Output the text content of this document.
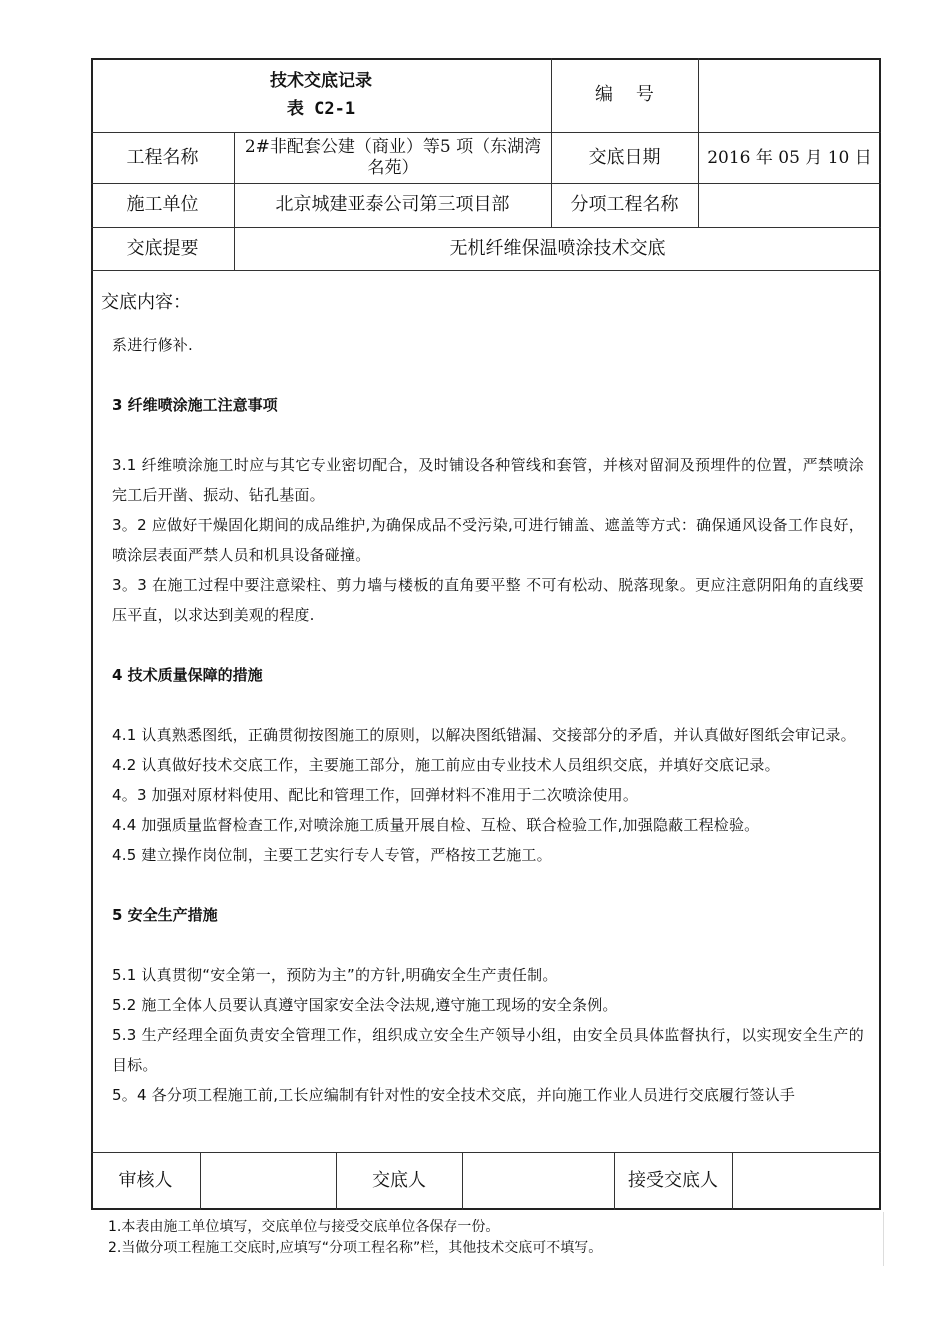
技术交底记录
表 C2-1
编    号
工程名称	2#非配套公建（商业）等5 项（东湖湾名苑）	交底日期	2016 年 05 月 10 日
施工单位	北京城建亚泰公司第三项目部	分项工程名称
交底提要	无机纤维保温喷涂技术交底
交底内容：

系进行修补.

3 纤维喷涂施工注意事项

3.1 纤维喷涂施工时应与其它专业密切配合，及时铺设各种管线和套管，并核对留洞及预埋件的位置，严禁喷涂完工后开凿、振动、钻孔基面。

3。2 应做好干燥固化期间的成品维护,为确保成品不受污染,可进行铺盖、遮盖等方式：确保通风设备工作良好，喷涂层表面严禁人员和机具设备碰撞。

3。3 在施工过程中要注意梁柱、剪力墙与楼板的直角要平整 不可有松动、脱落现象。更应注意阴阳角的直线要压平直，以求达到美观的程度.

4 技术质量保障的措施

4.1 认真熟悉图纸，正确贯彻按图施工的原则，以解决图纸错漏、交接部分的矛盾，并认真做好图纸会审记录。

4.2 认真做好技术交底工作，主要施工部分，施工前应由专业技术人员组织交底，并填好交底记录。

4。3 加强对原材料使用、配比和管理工作，回弹材料不准用于二次喷涂使用。

4.4 加强质量监督检查工作,对喷涂施工质量开展自检、互检、联合检验工作,加强隐蔽工程检验。

4.5 建立操作岗位制，主要工艺实行专人专管，严格按工艺施工。

5 安全生产措施

5.1 认真贯彻“安全第一，预防为主”的方针,明确安全生产责任制。

5.2 施工全体人员要认真遵守国家安全法令法规,遵守施工现场的安全条例。

5.3 生产经理全面负责安全管理工作，组织成立安全生产领导小组，由安全员具体监督执行，以实现安全生产的目标。

5。4 各分项工程施工前,工长应编制有针对性的安全技术交底，并向施工作业人员进行交底履行签认手

审核人	交底人	接受交底人
1.本表由施工单位填写，交底单位与接受交底单位各保存一份。
2.当做分项工程施工交底时,应填写“分项工程名称”栏，其他技术交底可不填写。
